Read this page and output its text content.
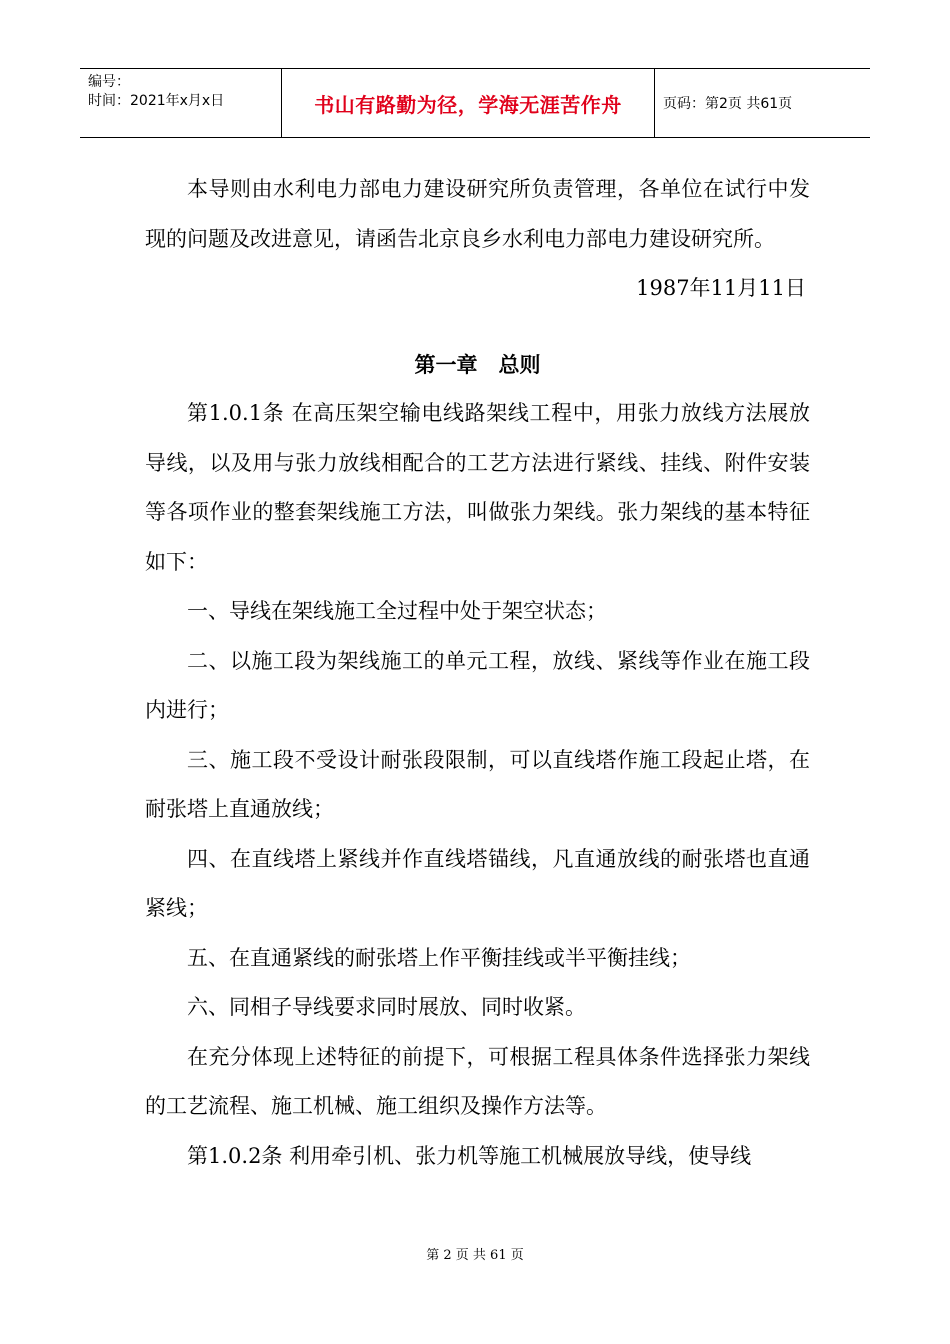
编号：
时间：2021年x月x日	书山有路勤为径，学海无涯苦作舟	页码：第2页 共61页

本导则由水利电力部电力建设研究所负责管理，各单位在试行中发现的问题及改进意见，请函告北京良乡水利电力部电力建设研究所。

1987年11月11日

第一章　总则

第1.0.1条 在高压架空输电线路架线工程中，用张力放线方法展放导线，以及用与张力放线相配合的工艺方法进行紧线、挂线、附件安装等各项作业的整套架线施工方法，叫做张力架线。张力架线的基本特征如下：

一、导线在架线施工全过程中处于架空状态；

二、以施工段为架线施工的单元工程，放线、紧线等作业在施工段内进行；

三、施工段不受设计耐张段限制，可以直线塔作施工段起止塔，在耐张塔上直通放线；

四、在直线塔上紧线并作直线塔锚线，凡直通放线的耐张塔也直通紧线；

五、在直通紧线的耐张塔上作平衡挂线或半平衡挂线；

六、同相子导线要求同时展放、同时收紧。

在充分体现上述特征的前提下，可根据工程具体条件选择张力架线的工艺流程、施工机械、施工组织及操作方法等。

第1.0.2条 利用牵引机、张力机等施工机械展放导线，使导线

第 2 页 共 61 页
